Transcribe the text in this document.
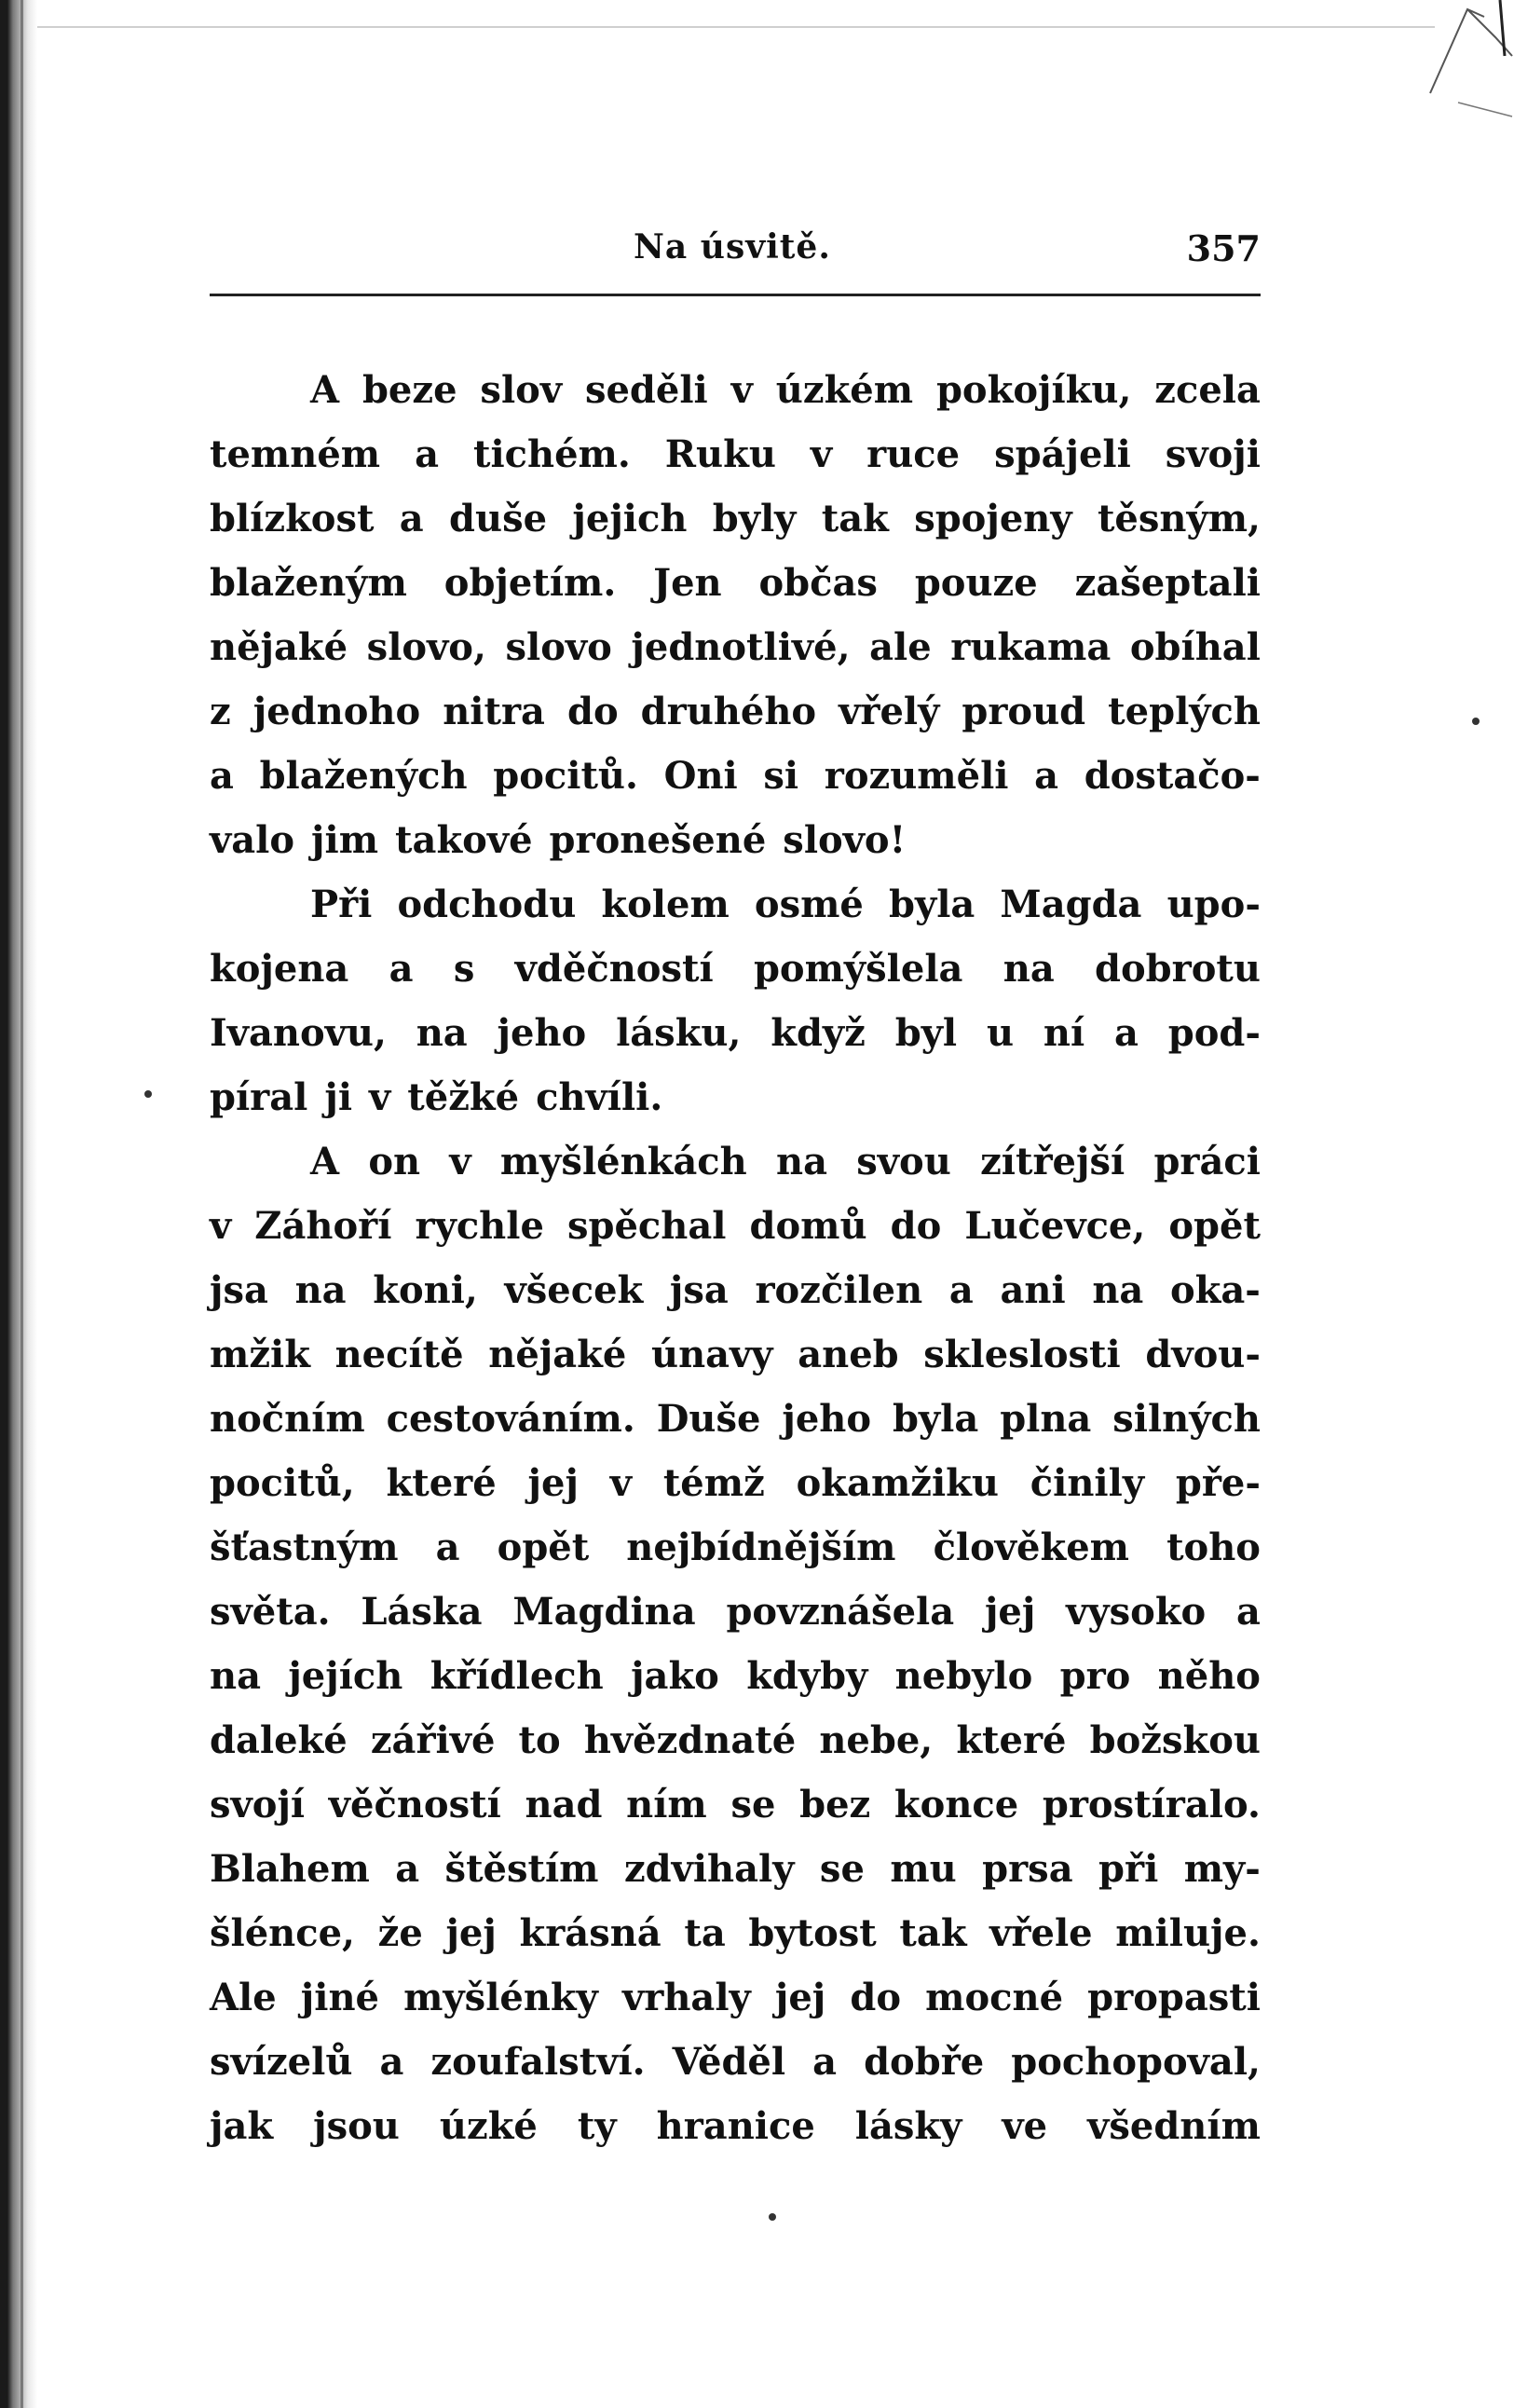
Na úsvitě.	357
A beze slov seděli v úzkém pokojíku, zcela
temném a tichém. Ruku v ruce spájeli svoji
blízkost a duše jejich byly tak spojeny těsným,
blaženým objetím. Jen občas pouze zašeptali
nějaké slovo, slovo jednotlivé, ale rukama obíhal
z jednoho nitra do druhého vřelý proud teplých
a blažených pocitů. Oni si rozuměli a dostačo-
valo jim takové pronešené slovo!
Při odchodu kolem osmé byla Magda upo-
kojena a s vděčností pomýšlela na dobrotu
Ivanovu, na jeho lásku, když byl u ní a pod-
píral ji v těžké chvíli.
A on v myšlénkách na svou zítřejší práci
v Záhoří rychle spěchal domů do Lučevce, opět
jsa na koni, všecek jsa rozčilen a ani na oka-
mžik necítě nějaké únavy aneb skleslosti dvou-
nočním cestováním. Duše jeho byla plna silných
pocitů, které jej v témž okamžiku činily pře-
šťastným a opět nejbídnějším člověkem toho
světa. Láska Magdina povznášela jej vysoko a
na jejích křídlech jako kdyby nebylo pro něho
daleké zářivé to hvězdnaté nebe, které božskou
svojí věčností nad ním se bez konce prostíralo.
Blahem a štěstím zdvihaly se mu prsa při my-
šlénce, že jej krásná ta bytost tak vřele miluje.
Ale jiné myšlénky vrhaly jej do mocné propasti
svízelů a zoufalství. Věděl a dobře pochopoval,
jak jsou úzké ty hranice lásky ve všedním
